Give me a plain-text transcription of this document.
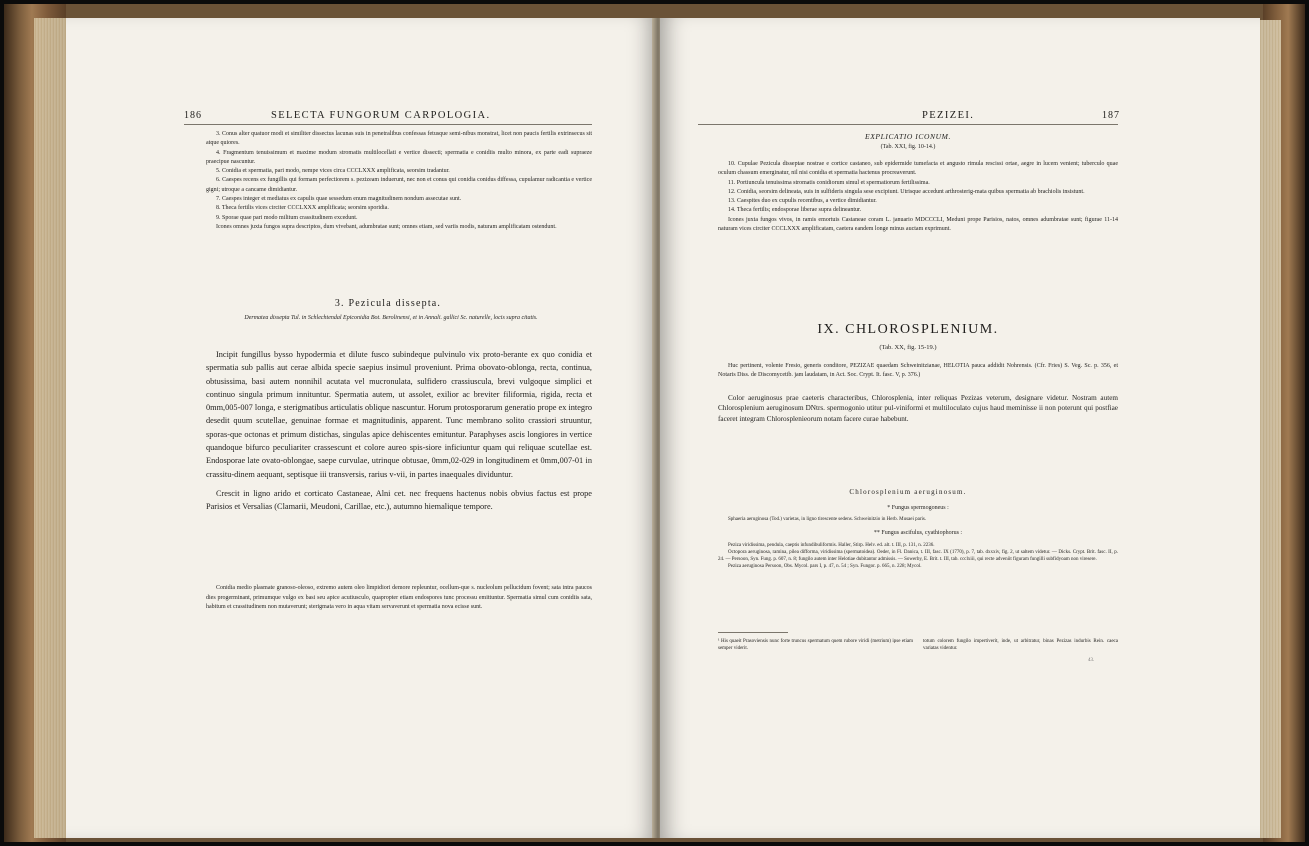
186	SELECTA FUNGORUM CARPOLOGIA.

3. Conus alter quatuor modi et similiter dissectus lacunas suis in penetralibus confessas fetusque semi-nibus monstrat, licet non paucis fertilis extrinsecus sit atque quiores.

4. Fragmentum tenuissimum et maxime modum stromatis multilocellati e vertice dissecti; spermatia e conidiis multo minora, ex parte eadi supraeze praecipue nascuntur.

5. Conidia et spermatia, pari modo, nempe vices circa CCCLXXX amplificata, seorsim tradantur.

6. Caespes recens ex fungillis qui formam perfectiorem s. pezizeam induerunt, nec non et conus qui conidia conidus diffessa, cupulamur radicantia e vertice gigni; utroque a cancame dimidiantur.

7. Caespes integer et mediatus ex capulis quae sessedum enum magnitudinem nondum assecutae sunt.

8. Theca fertilis vices circiter CCCLXXX amplificata; seorsim sporidia.

9. Sporae quae pari modo militum crassitudinem excedunt.

Icones omnes juxta fungos supra descriptos, dum vivebant, adumbratae sunt; omnes etiam, sed variis modis, naturam amplificatam ostendunt.

3. Pezicula dissepta.
Dermatea dissepta Tul. in Schlechtendal Epiconidia Bot. Berolinensi, et in Annali. gallici Sc. naturelle, locis supra citatis.

Incipit fungillus bysso hypodermia et dilute fusco subindeque pulvinulo vix proto-berante ex quo conidia et spermatia sub pallis aut cerae albida specie saepius insimul proveniunt. Prima obovato-oblonga, recta, continua, obtusissima, basi autem nonnihil acutata vel mucronulata, sulfidero crassiuscula, brevi vulgoque simplici et continuo singula primum innituntur. Spermatia autem, ut assolet, exilior ac breviter filiformia, rigida, recta et 0mm,005-007 longa, e sterigmatibus articulatis oblique nascuntur. Horum protosporarum generatio prope ex integro desedit quum scutellae, genuinae formae et magnitudinis, apparent. Tunc membrano solito crassiori struuntur, sporas-que octonas et primum distichas, singulas apice dehiscentes emituntur. Paraphyses ascis longiores in vertice quandoque bifurco peculiariter crassescunt et colore aureo spis-siore inficiuntur quam qui reliquae scutellae est. Endosporae late ovato-oblongae, saepe curvulae, utrinque obtusae, 0mm,02-029 in longitudinem et 0mm,007-01 in crassitu-dinem aequant, septisque iii transversis, rarius v-vii, in partes inaequales dividuntur.

Crescit in ligno arido et corticato Castaneae, Alni cet. nec frequens hactenus nobis obvius factus est prope Parisios et Versalias (Clamarii, Meudoni, Carillae, etc.), autumno hiemalique tempore.

Conidia medio plasmate granoso-oleoso, extremo autem oleo limpidiori demore repleuntur, ocellum-que s. nucleolum pellucidum fovent; sata intra paucos dies progerminant, primumque vulgo ex basi seu apice acutiusculo, quapropter etiam endospores tunc processu emittuntur. Spermatia simul cum conidiis sata, habitum et crassitudinem non mutaverunt; sterigmata vero in aqua vitam servaverunt et spermatia nova ecisse sunt.

PEZIZEI.	187
EXPLICATIO ICONUM.
(Tab. XXI, fig. 10-14.)

10. Cupulae Pezicula disseptae nostrae e cortice castaneo, sub epidermide tumefacta et angusto rimula rescissi ortae, aegre in lucem venient; tuberculo quae oculum chassum emerginatur, nil nisi conidia et spermatia hactenus procreaverunt.

11. Portiuncula tenuissima stromatis conidiorum simul et spermatiorum fertilissima.

12. Conidia, seorsim delineata, suis in sulfideris singula sese excipiunt. Utrisque accedunt arthrosterig-mata quibus spermatia ab brachiolis insistunt.

13. Caespites duo ex cupulis recentibus, a vertice dimidiantur.

14. Theca fertilis; endosporae liberae supra delineantur.

Icones juxta fungos vivos, in ramis emortuis Castaneae coram L. januario MDCCCLI, Meduni prope Parisios, natos, omnes adumbratae sunt; figurae 11-14 naturam vices circiter CCCLXXX amplificatam, caetera eandem longe minus auctam exprimunt.

IX. CHLOROSPLENIUM.
(Tab. XX, fig. 15-19.)

Huc pertinent, volente Fresio, generis conditore, PEZIZAE quaedam Schweinitzianae, HELOTIA pauca addidit Nohrensis. (Cfr. Fries) S. Veg. Sc. p. 356, et Notaris Diss. de Discomycetib. jam laudatam, in Act. Soc. Crypt. It. fasc. V, p. 376.)

Color aeruginosus prae caeteris characteribus, Chlorosplenia, inter reliquas Pezizas veterum, designare videtur. Nostram autem Chlorosplenium aeruginosum DNtrs. spermogonio utitur pul-viniformi et multiloculato cujus haud meminisse ii non poterunt qui postfiae faceret integram Chlorosplenieorum notam facere curae habebunt.

Chlorosplenium aeruginosum.

* Fungus spermogoneus :

Sphaeria aeruginosa (Tod.) varietas, in ligno tirescente sedens. Schweinitzio in Herb. Musaei paris.

** Fungus ascifulus, cyathiophorus :

Peziza viridissima, pendula, caeptis infundibuliformis. Haller, Stirp. Helv. ed. alt. t. III, p. 131, n. 2236.

Octopora aeruginosa, ramina, pilea difforma, viridissima (spermatoidea). Oeder, in Fl. Danica, t. III, fasc. IX (1770), p. 7, tab. dxxxiv, fig. 2, ut saltem videtur. — Dicks. Crypt. Brit. fasc. II, p. 24. — Persoon, Syn. Fung. p. 607, n. 8; fungilo autem inter Helotiae dubitantur admissis. — Sowerby, E. Brit. t. III, tab. ccclxiii, qui recte adveniit figuram fungilli subfidyoam non viresere.

Peziza aeruginosa Persoon, Obs. Mycol. pars I, p. 47, n. 54 ; Syn. Fungor. p. 665, n. 228; Mycol.

¹ His quaeit Prasoviensis nunc forte truncus spermatum quem rubore viridi (metrium) ipse etiam semper viderit.

totum colorem fungilo impertiverit, inde, ut arbitratur, binas Pezizas indurbis Rein. caeca variatas videntur.

43.
